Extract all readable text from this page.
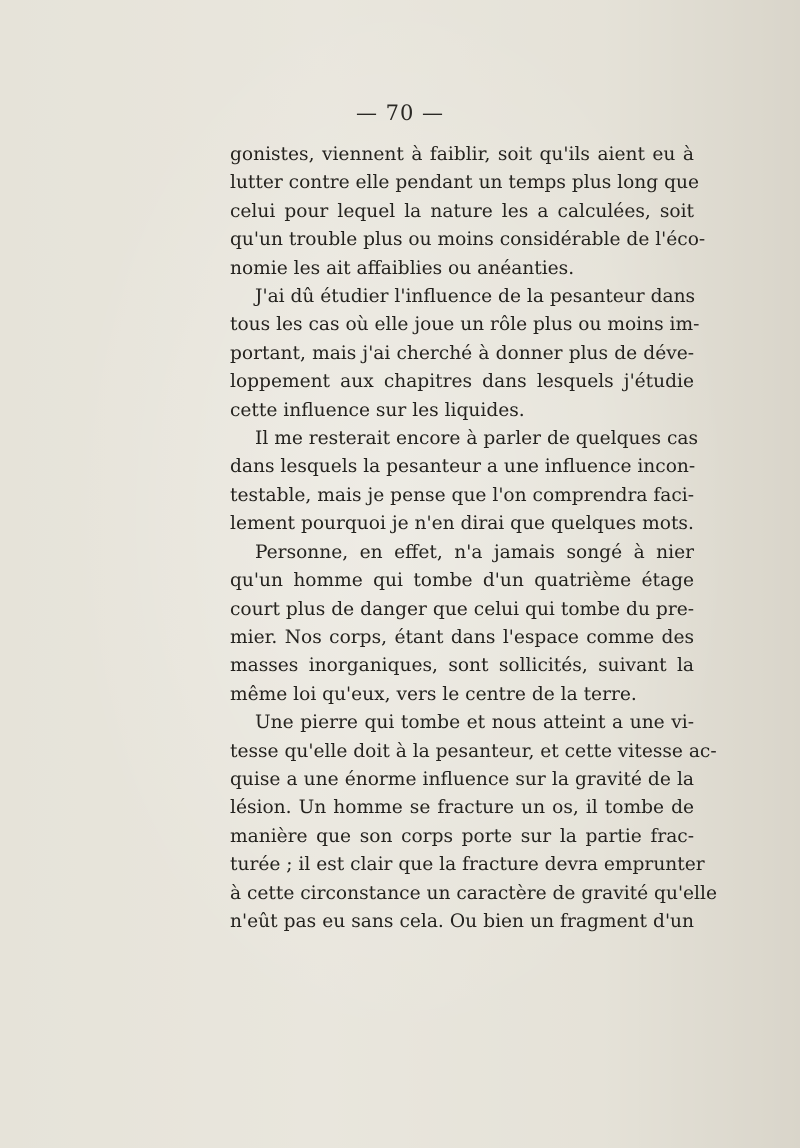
— 70 —
gonistes, viennent à faiblir, soit qu'ils aient eu à
lutter contre elle pendant un temps plus long que
celui pour lequel la nature les a calculées, soit
qu'un trouble plus ou moins considérable de l'éco-
nomie les ait affaiblies ou anéanties.
J'ai dû étudier l'influence de la pesanteur dans
tous les cas où elle joue un rôle plus ou moins im-
portant, mais j'ai cherché à donner plus de déve-
loppement aux chapitres dans lesquels j'étudie
cette influence sur les liquides.
Il me resterait encore à parler de quelques cas
dans lesquels la pesanteur a une influence incon-
testable, mais je pense que l'on comprendra faci-
lement pourquoi je n'en dirai que quelques mots.
Personne, en effet, n'a jamais songé à nier
qu'un homme qui tombe d'un quatrième étage
court plus de danger que celui qui tombe du pre-
mier. Nos corps, étant dans l'espace comme des
masses inorganiques, sont sollicités, suivant la
même loi qu'eux, vers le centre de la terre.
Une pierre qui tombe et nous atteint a une vi-
tesse qu'elle doit à la pesanteur, et cette vitesse ac-
quise a une énorme influence sur la gravité de la
lésion. Un homme se fracture un os, il tombe de
manière que son corps porte sur la partie frac-
turée ; il est clair que la fracture devra emprunter
à cette circonstance un caractère de gravité qu'elle
n'eût pas eu sans cela. Ou bien un fragment d'un
